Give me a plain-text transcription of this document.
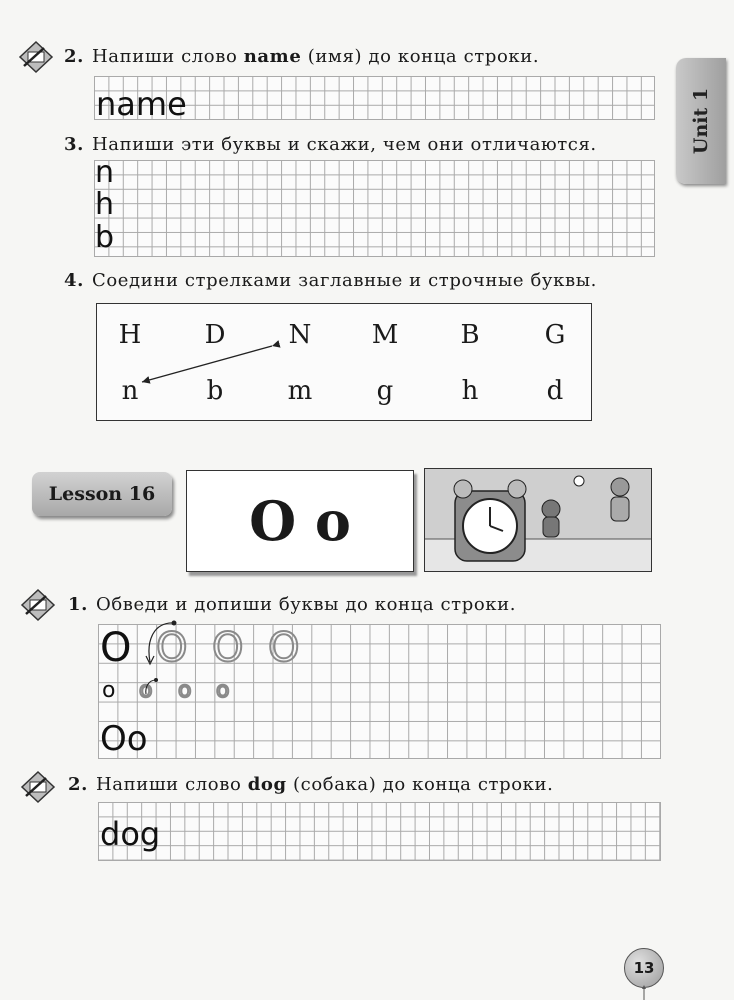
Unit 1
2. Напиши слово name (имя) до конца строки.
name
3. Напиши эти буквы и скажи, чем они отличаются.
n
h
b
4. Соедини стрелками заглавные и строчные буквы.
H	D	N	M	B	G
n	b	m	g	h	d
Lesson 16	O o
1. Обведи и допиши буквы до конца строки.
O O O O
o o o o
Oo
2. Напиши слово dog (собака) до конца строки.
dog
13
